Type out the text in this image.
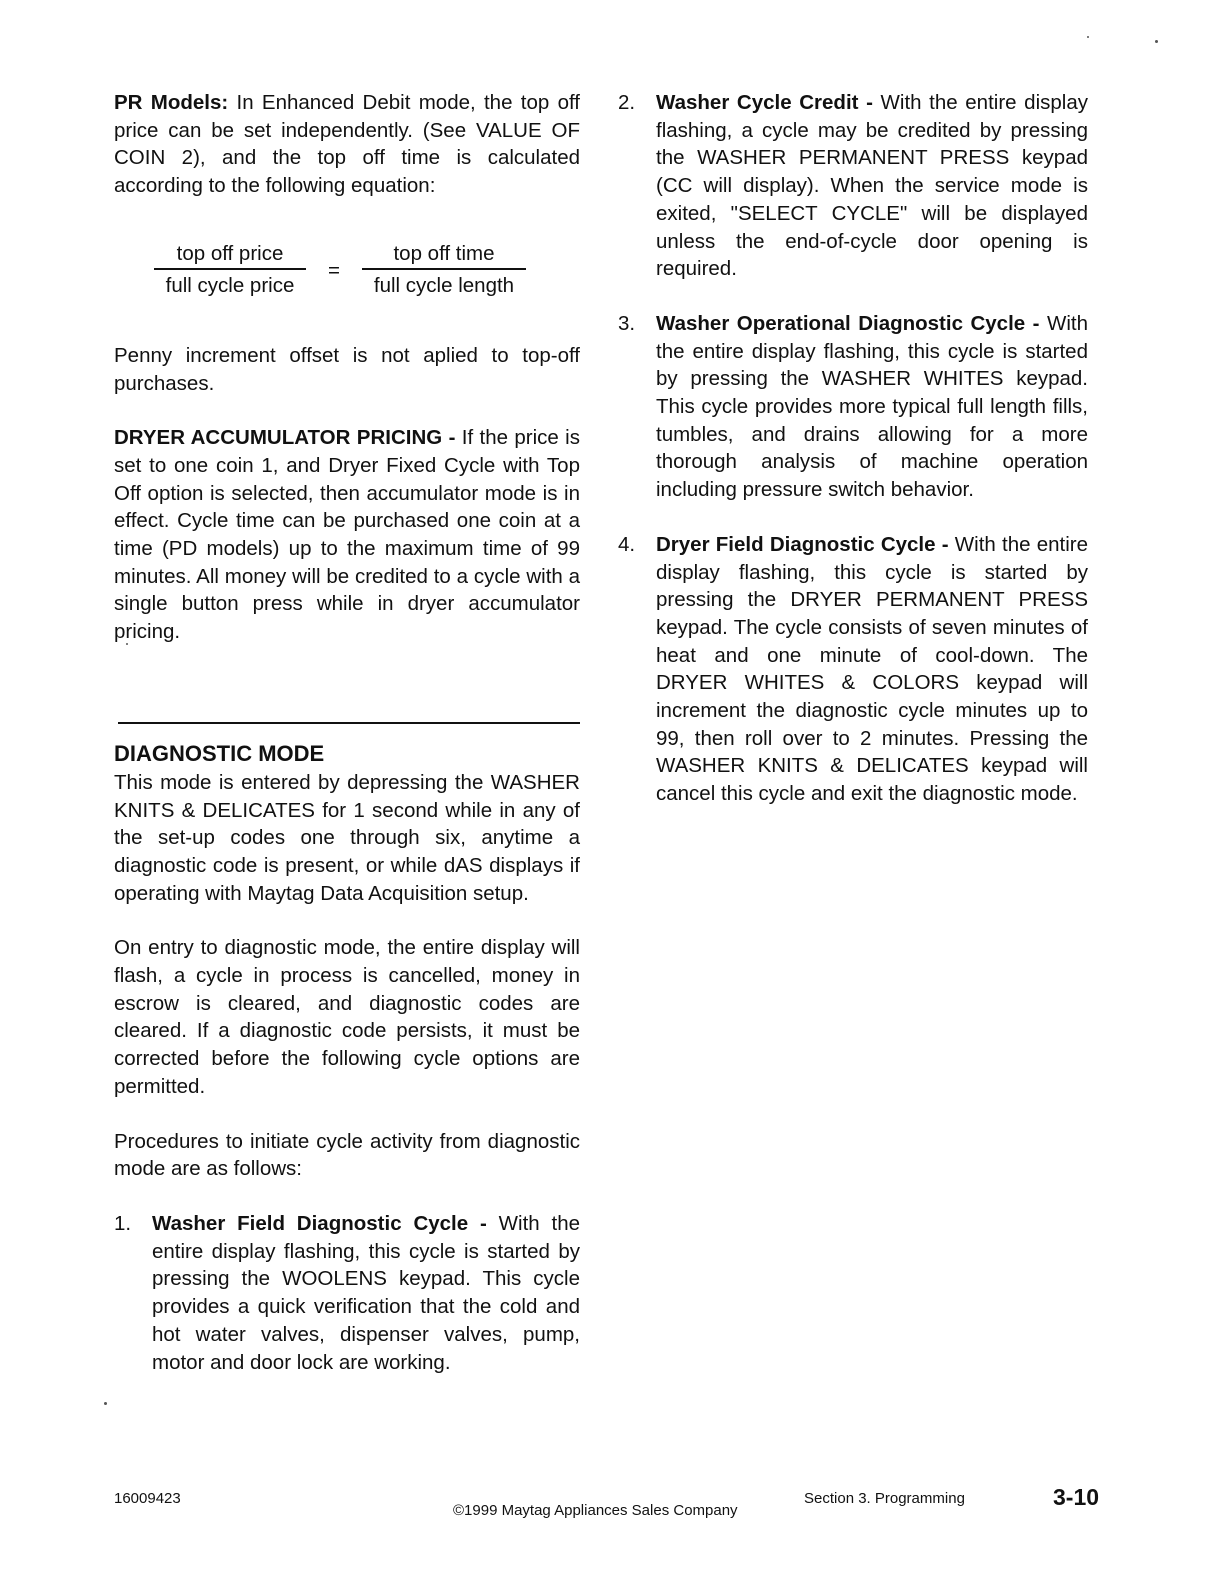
PR Models: In Enhanced Debit mode, the top off price can be set independently. (See VALUE OF COIN 2), and the top off time is calculated according to the following equation:

top off price
=
top off time
full cycle price	full cycle length

Penny increment offset is not aplied to top-off purchases.

DRYER ACCUMULATOR PRICING - If the price is set to one coin 1, and Dryer Fixed Cycle with Top Off option is selected, then accumulator mode is in effect. Cycle time can be purchased one coin at a time (PD models) up to the maximum time of 99 minutes. All money will be credited to a cycle with a single button press while in dryer accumulator pricing.

DIAGNOSTIC MODE

This mode is entered by depressing the WASHER KNITS & DELICATES for 1 second while in any of the set-up codes one through six, anytime a diagnostic code is present, or while dAS displays if operating with Maytag Data Acquisition setup.

On entry to diagnostic mode, the entire display will flash, a cycle in process is cancelled, money in escrow is cleared, and diagnostic codes are cleared. If a diagnostic code persists, it must be corrected before the following cycle options are permitted.

Procedures to initiate cycle activity from diagnostic mode are as follows:

1.	Washer Field Diagnostic Cycle - With the entire display flashing, this cycle is started by pressing the WOOLENS keypad. This cycle provides a quick verification that the cold and hot water valves, dispenser valves, pump, motor and door lock are working.
2.	Washer Cycle Credit - With the entire display flashing, a cycle may be credited by pressing the WASHER PERMANENT PRESS keypad (CC will display). When the service mode is exited, "SELECT CYCLE" will be displayed unless the end-of-cycle door opening is required.
3.	Washer Operational Diagnostic Cycle - With the entire display flashing, this cycle is started by pressing the WASHER WHITES keypad. This cycle provides more typical full length fills, tumbles, and drains allowing for a more thorough analysis of machine operation including pressure switch behavior.
4.	Dryer Field Diagnostic Cycle - With the entire display flashing, this cycle is started by pressing the DRYER PERMANENT PRESS keypad. The cycle consists of seven minutes of heat and one minute of cool-down. The DRYER WHITES & COLORS keypad will increment the diagnostic cycle minutes up to 99, then roll over to 2 minutes. Pressing the WASHER KNITS & DELICATES keypad will cancel this cycle and exit the diagnostic mode.
16009423
©1999 Maytag Appliances Sales Company
Section 3. Programming	3-10
